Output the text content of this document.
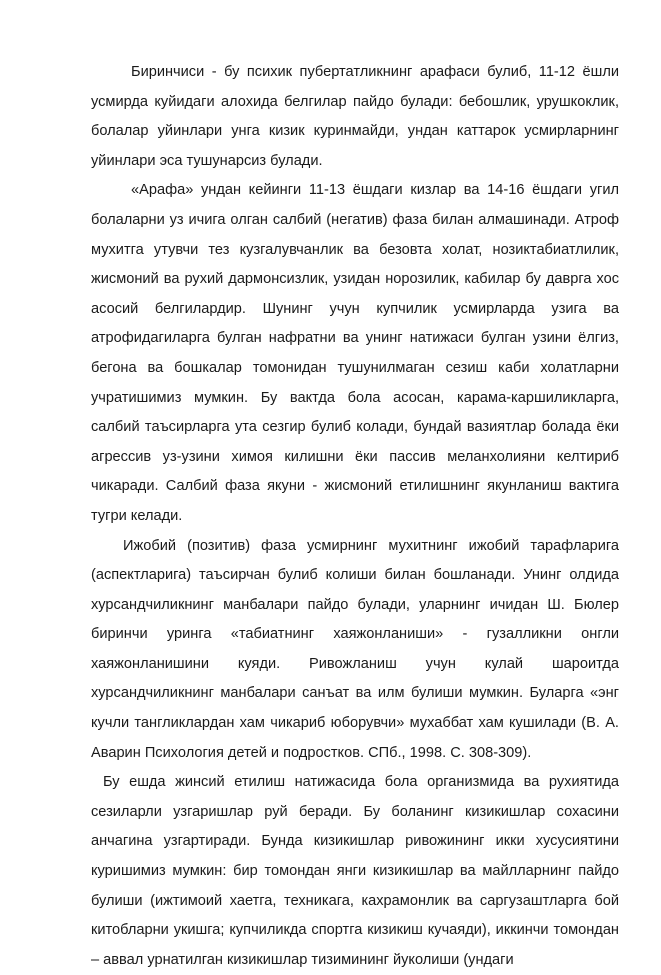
Биринчиси - бу психик пубертатликнинг арафаси булиб, 11-12 ёшли усмирда куйидаги алохида белгилар пайдо булади: бебошлик, урушкоклик, болалар уйинлари унга кизик куринмайди, ундан каттарок усмирларнинг уйинлари эса тушунарсиз булади.

«Арафа» ундан кейинги 11-13 ёшдаги кизлар ва 14-16 ёшдаги угил болаларни уз ичига олган салбий (негатив) фаза билан алмашинади. Атроф мухитга утувчи тез кузгалувчанлик ва безовта холат, нозиктабиатлилик, жисмоний ва рухий дармонсизлик, узидан норозилик, кабилар бу даврга хос асосий белгилардир. Шунинг учун купчилик усмирларда узига ва атрофидагиларга булган нафратни ва унинг натижаси булган узини ёлгиз, бегона ва бошкалар томонидан тушунилмаган сезиш каби холатларни учратишимиз мумкин. Бу вактда бола асосан, карама-каршиликларга, салбий таъсирларга ута сезгир булиб колади, бундай вазиятлар болада ёки агрессив уз-узини химоя килишни ёки пассив меланхолияни келтириб чикаради. Салбий фаза якуни - жисмоний етилишнинг якунланиш вактига тугри келади.

Ижобий (позитив) фаза усмирнинг мухитнинг ижобий тарафларига (аспектларига) таъсирчан булиб колиши билан бошланади. Унинг олдида хурсандчиликнинг манбалари пайдо булади, уларнинг ичидан Ш. Бюлер биринчи уринга «табиатнинг хаяжонланиши» - гузалликни онгли хаяжонланишини куяди. Ривожланиш учун кулай шароитда хурсандчиликнинг манбалари санъат ва илм булиши мумкин. Буларга «энг кучли тангликлардан хам чикариб юборувчи» мухаббат хам кушилади (В. А. Аварин Психология детей и подростков. СПб., 1998. С. 308-309).

Бу ешда жинсий етилиш натижасида бола организмида ва рухиятида сезиларли узгаришлар руй беради. Бу боланинг кизикишлар сохасини анчагина узгартиради. Бунда кизикишлар ривожининг икки хусусиятини куришимиз мумкин: бир томондан янги кизикишлар ва майлларнинг пайдо булиши (ижтимоий хаетга, техникага, кахрамонлик ва саргузаштларга бой китобларни укишга; купчиликда спортга кизикиш кучаяди), иккинчи томондан – аввал урнатилган кизикишлар тизимининг йуколиши (ундаги
